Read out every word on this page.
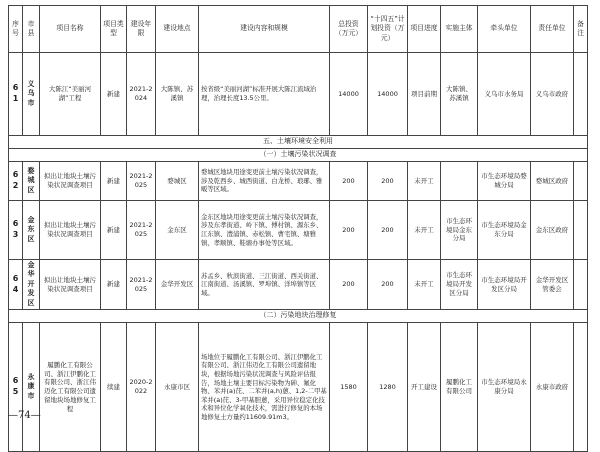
序号	市县	项目名称	项目类型	建设年限	建设地点	建设内容和规模	总投资（万元）	“十四五”计划投资（万元）	项目进度	实施主体	牵头单位	责任单位	备注
61	义乌市	大陈江“美丽河湖”工程	新建	2021-2024	大陈镇、苏溪镇	按省级“美丽河湖”标准开展大陈江流域治理，治理长度13.5公里。	14000	14000	项目前期	大陈镇、苏溪镇	义乌市水务局	义乌市政府	
五、土壤环境安全利用													
（一）土壤污染状况调查													
62	婺城区	拟出让地块土壤污染状况调查项目	新建	2021-2025	婺城区	婺城区地块用途变更前土壤污染状况调查，涉及乾西乡、城西街道、白龙桥、琅琊、雅畈等区域。	200	200	未开工		市生态环境局婺城分局	婺城区政府	
63	金东区	拟出让地块土壤污染状况调查项目	新建	2021-2025	金东区	金东区地块用途变更前土壤污染状况调查，涉及东孝街道、岭下镇、傅村镇、源东乡、江东镇、澧浦镇、赤松镇、曹宅镇、塘雅镇、孝顺镇、鞋塘办事处等区域。	200	200	未开工	市生态环境局金东分局	市生态环境局金东分局	金东区政府	
64	金华开发区	拟出让地块土壤污染状况调查项目	新建	2021-2025	金华开发区	苏孟乡、秋滨街道、三江街道、西关街道、江南街道、汤溪镇、罗埠镇、洋埠镇等区域。	200	200	未开工	市生态环境局开发区分局	市生态环境局开发区分局	金华开发区管委会	
（二）污染地块治理修复													
65	永康市	履鹏化工有限公司、浙江伊鹏化工有限公司、浙江伟迈化工有限公司遗留地块场地修复工程	续建	2020-2022	永康市区	场地位于履鹏化工有限公司、浙江伊鹏化工有限公司、浙江伟迈化工有限公司遗留地块，根据场地污染状况调查与风险评估报告，场地土壤主要目标污染物为砷、氟化物、苯并(a)芘、二苯并(a,h)蒽、1,2-二甲基苯并(a)芘、3-甲基胆蒽，采用异位稳定化技术和异位化学氧化技术，需进行修复的本场地修复土方量约11609.91m3。	1580	1280	开工建设	履鹏化工有限公司	市生态环境局永康分局	永康市政府	
—74—
